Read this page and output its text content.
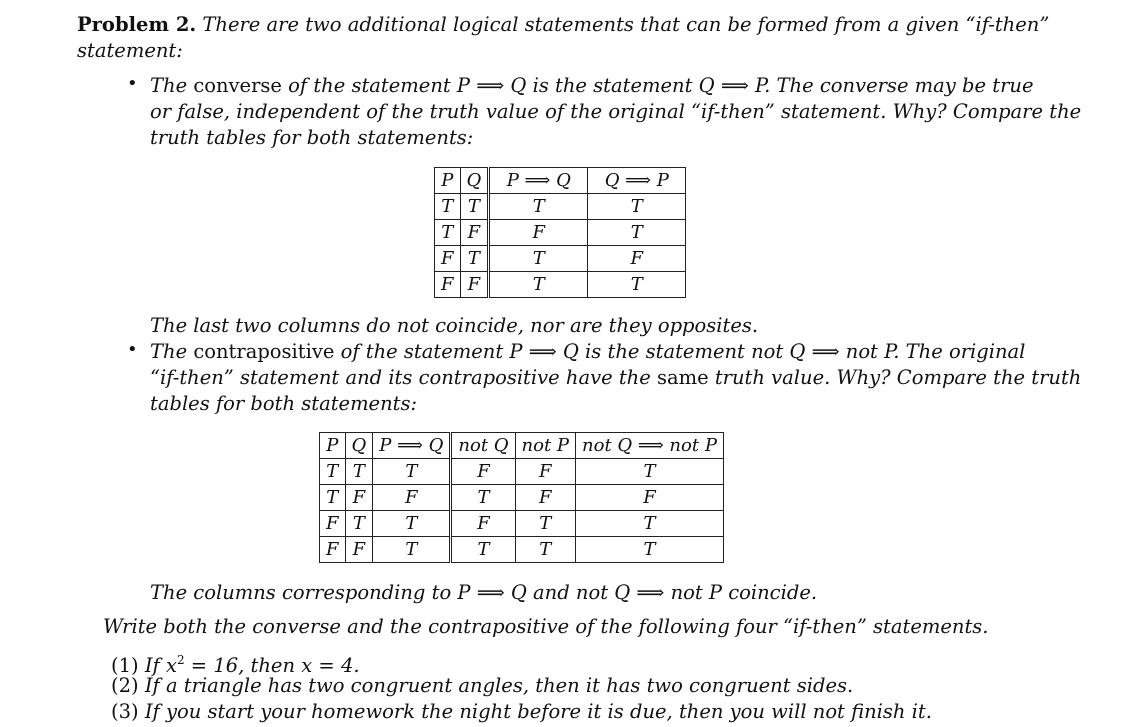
Problem 2. There are two additional logical statements that can be formed from a given “if-then”
statement:
• The converse of the statement P ⟹ Q is the statement Q ⟹ P. The converse may be true
or false, independent of the truth value of the original “if-then” statement. Why? Compare the
truth tables for both statements:
P	Q	P ⟹ Q	Q ⟹ P
T	T	T	T
T	F	F	T
F	T	T	F
F	F	T	T
The last two columns do not coincide, nor are they opposites.
• The contrapositive of the statement P ⟹ Q is the statement not Q ⟹ not P. The original
“if-then” statement and its contrapositive have the same truth value. Why? Compare the truth
tables for both statements:
P	Q	P ⟹ Q	not Q	not P	not Q ⟹ not P
T	T	T	F	F	T
T	F	F	T	F	F
F	T	T	F	T	T
F	F	T	T	T	T
The columns corresponding to P ⟹ Q and not Q ⟹ not P coincide.
Write both the converse and the contrapositive of the following four “if-then” statements.
(1) If $x^2 = 16$, then x = 4.
(2) If a triangle has two congruent angles, then it has two congruent sides.
(3) If you start your homework the night before it is due, then you will not finish it.
